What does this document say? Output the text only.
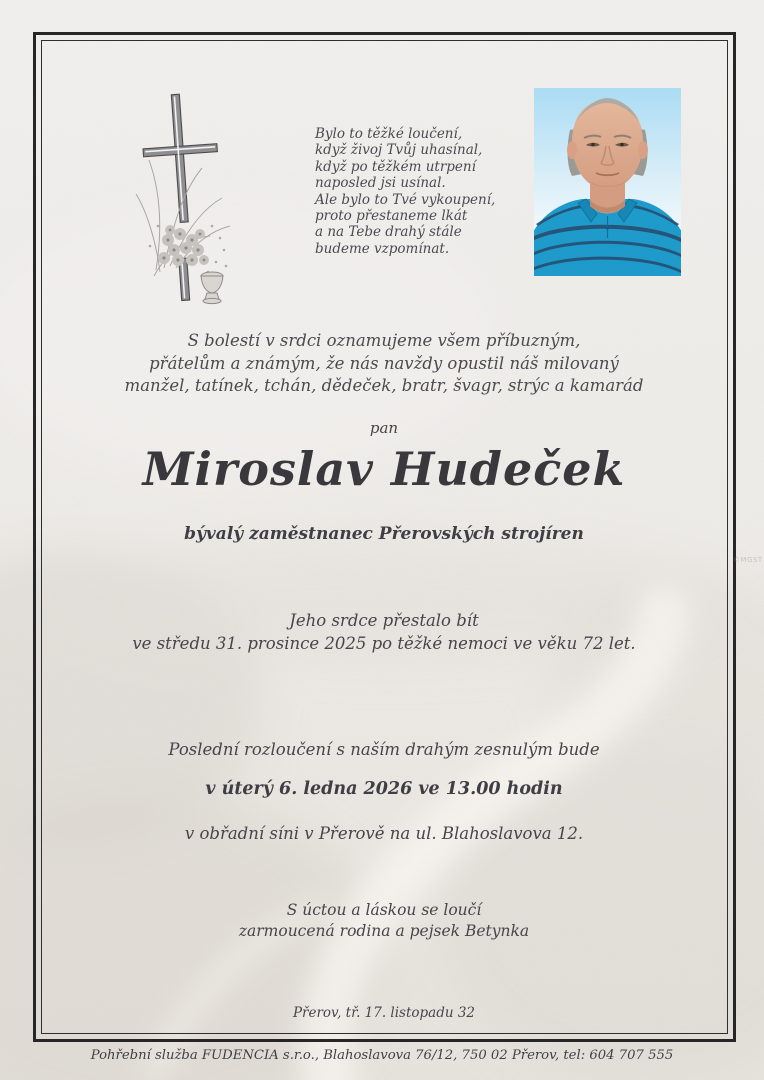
Bylo to těžké loučení,
když živoj Tvůj uhasínal,
když po těžkém utrpení
naposled jsi usínal.
Ale bylo to Tvé vykoupení,
proto přestaneme lkát
a na Tebe drahý stále
budeme vzpomínat.
S bolestí v srdci oznamujeme všem příbuzným,
přátelům a známým, že nás navždy opustil náš milovaný
manžel, tatínek, tchán, dědeček, bratr, švagr, strýc a kamarád
pan
Miroslav Hudeček
bývalý zaměstnanec Přerovských strojíren
Jeho srdce přestalo bít
ve středu 31. prosince 2025 po těžké nemoci ve věku 72 let.
Poslední rozloučení s naším drahým zesnulým bude
v úterý 6. ledna 2026 ve 13.00 hodin
v obřadní síni v Přerově na ul. Blahoslavova 12.
S úctou a láskou se loučí
zarmoucená rodina a pejsek Betynka
Přerov, tř. 17. listopadu 32
©MGST
Pohřební služba FUDENCIA s.r.o., Blahoslavova 76/12, 750 02 Přerov, tel: 604 707 555
